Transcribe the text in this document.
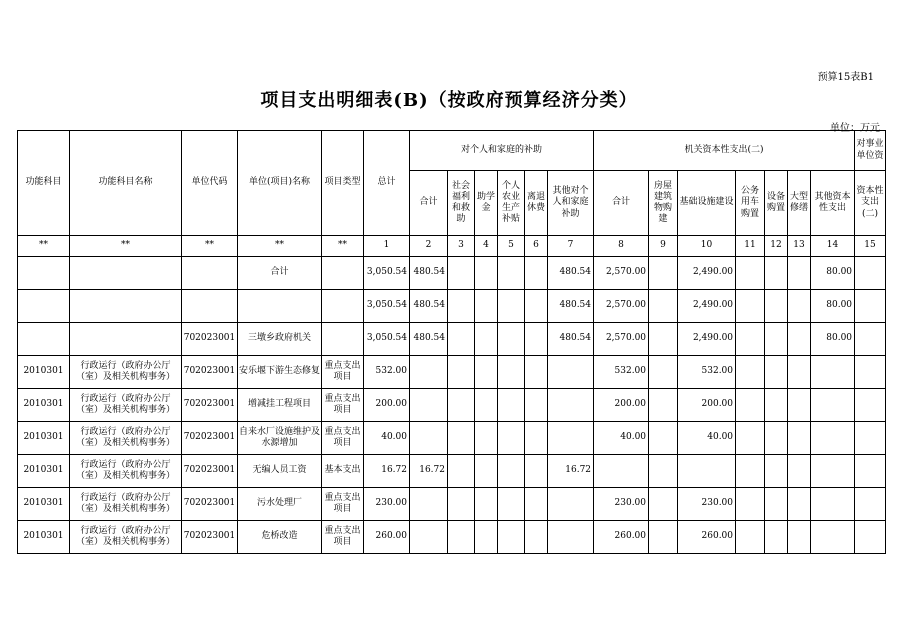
预算15表B1
项目支出明细表(B)（按政府预算经济分类）
单位：万元
功能科目	功能科目名称	单位代码	单位(项目)名称	项目类型	总计	对个人和家庭的补助						机关资本性支出(二)							对事业单位资
						合计	社会福利和救助	助学金	个人农业生产补贴	离退休费	其他对个人和家庭补助	合计	房屋建筑物购建	基础设施建设	公务用车购置	设备购置	大型修缮	其他资本性支出	资本性支出(二)
**	**	**	**	**	1	2	3	4	5	6	7	8	9	10	11	12	13	14	15
			合计		3,050.54	480.54					480.54	2,570.00		2,490.00				80.00	
					3,050.54	480.54					480.54	2,570.00		2,490.00				80.00	
		702023001	三墩乡政府机关		3,050.54	480.54					480.54	2,570.00		2,490.00				80.00	
2010301	行政运行（政府办公厅（室）及相关机构事务）	702023001	安乐堰下游生态修复	重点支出项目	532.00							532.00		532.00					
2010301	行政运行（政府办公厅（室）及相关机构事务）	702023001	增减挂工程项目	重点支出项目	200.00							200.00		200.00					
2010301	行政运行（政府办公厅（室）及相关机构事务）	702023001	自来水厂设施维护及水源增加	重点支出项目	40.00							40.00		40.00					
2010301	行政运行（政府办公厅（室）及相关机构事务）	702023001	无编人员工资	基本支出	16.72	16.72					16.72								
2010301	行政运行（政府办公厅（室）及相关机构事务）	702023001	污水处理厂	重点支出项目	230.00							230.00		230.00					
2010301	行政运行（政府办公厅（室）及相关机构事务）	702023001	危桥改造	重点支出项目	260.00							260.00		260.00					
